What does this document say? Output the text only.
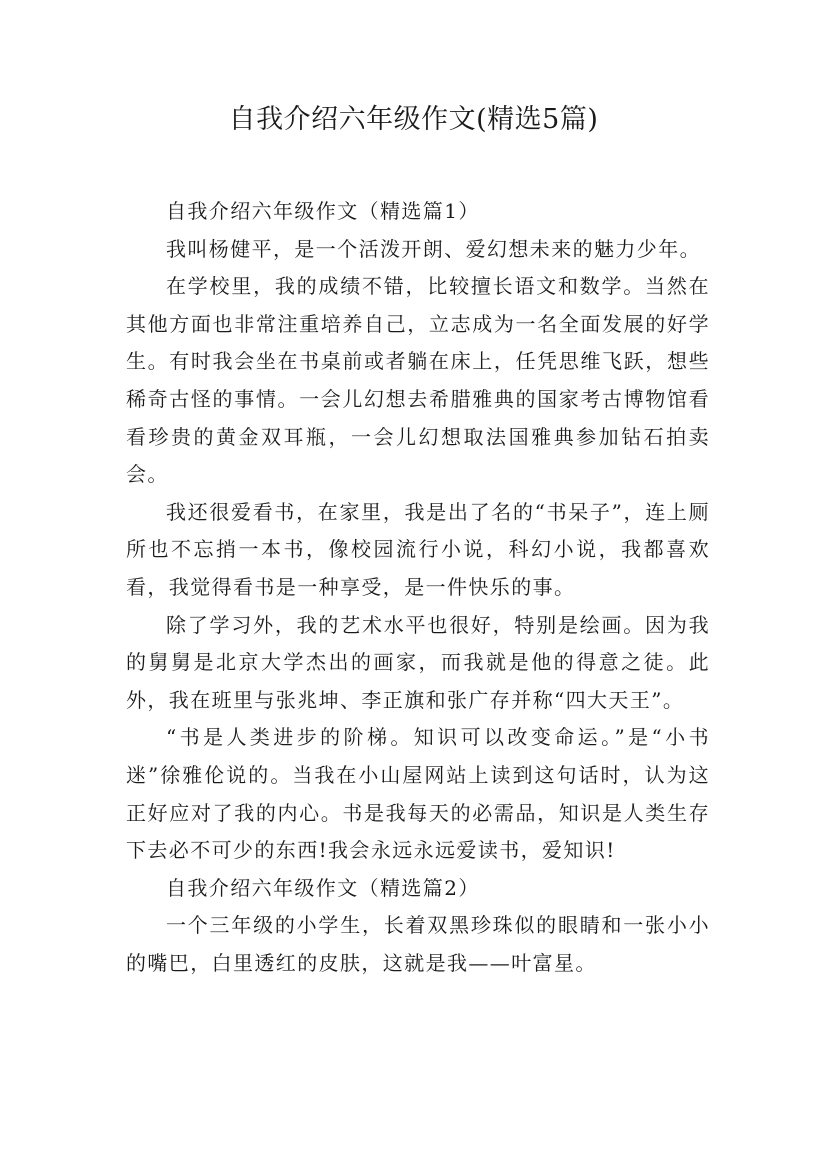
自我介绍六年级作文(精选5篇)

自我介绍六年级作文（精选篇1）

我叫杨健平，是一个活泼开朗、爱幻想未来的魅力少年。

在学校里，我的成绩不错，比较擅长语文和数学。当然在其他方面也非常注重培养自己，立志成为一名全面发展的好学生。有时我会坐在书桌前或者躺在床上，任凭思维飞跃，想些稀奇古怪的事情。一会儿幻想去希腊雅典的国家考古博物馆看看珍贵的黄金双耳瓶，一会儿幻想取法国雅典参加钻石拍卖会。

我还很爱看书，在家里，我是出了名的“书呆子”，连上厕所也不忘捎一本书，像校园流行小说，科幻小说，我都喜欢看，我觉得看书是一种享受，是一件快乐的事。

除了学习外，我的艺术水平也很好，特别是绘画。因为我的舅舅是北京大学杰出的画家，而我就是他的得意之徒。此外，我在班里与张兆坤、李正旗和张广存并称“四大天王”。

“书是人类进步的阶梯。知识可以改变命运。”是“小书迷”徐雅伦说的。当我在小山屋网站上读到这句话时，认为这正好应对了我的内心。书是我每天的必需品，知识是人类生存下去必不可少的东西!我会永远永远爱读书，爱知识!

自我介绍六年级作文（精选篇2）

一个三年级的小学生，长着双黑珍珠似的眼睛和一张小小的嘴巴，白里透红的皮肤，这就是我——叶富星。
